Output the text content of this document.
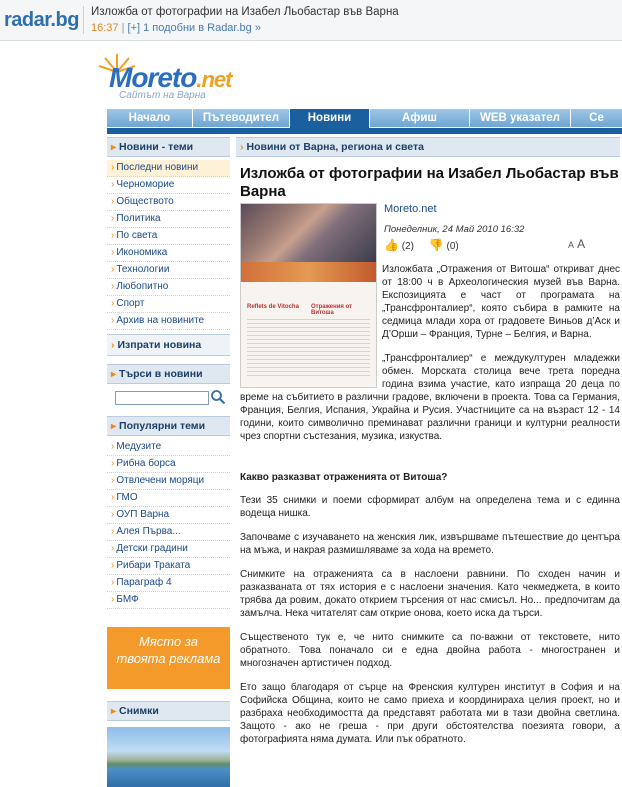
radar.bg Изложба от фотографии на Изабел Льобастар във Варна
16:37 | [+] 1 подобни в Radar.bg »
Moreto.net
Сайтът на Варна
Начало	Пътеводител	Новини	Афиш	WEB указател	Се
▸ Новини - теми
› Последни новини
› Черноморие
› Обществото
› Политика
› По света
› Икономика
› Технологии
› Любопитно
› Спорт
› Архив на новините
› Изпрати новина
▸ Търси в новини
▸ Популярни теми
› Медузите
› Рибна борса
› Отвлечени моряци
› ГМО
› ОУП Варна
› Алея Първа...
› Детски градини
› Рибари Траката
› Параграф 4
› БМФ
Място за
твоята реклама
▸ Снимки
› Новини от Варна, региона и света
Изложба от фотографии на Изабел Льобастар във Варна
Reflets de Vitocha	Отражения от Витоша
Moreto.net
Понеделник, 24 Май 2010 16:32
👍 (2) 👎 (0)	A A

Изложбата „Отражения от Витоша“ откриват днес от 18:00 ч в Археологическия музей във Варна. Експозицията е част от програмата на „Трансфронталиер“, която събира в рамките на седмица млади хора от градовете Виньов д’Аск и Д’Орши – Франция, Турне – Белгия, и Варна.

„Трансфронталиер“ е междукултурен младежки обмен. Морската столица вече трета поредна година взима участие, като изпраща 20 деца по време на събитието в различни градове, включени в проекта. Това са Германия, Франция, Белгия, Испания, Украйна и Русия. Участниците са на възраст 12 - 14 години, които символично преминават различни граници и културни реалности чрез спортни състезания, музика, изкуства.

Какво разказват отраженията от Витоша?

Тези 35 снимки и поеми сформират албум на определена тема и с единна водеща нишка.

Започваме с изучаването на женския лик, извършваме пътешествие до центъра на мъжа, и накрая размишляваме за хода на времето.

Снимките на отраженията са в наслоени равнини. По сходен начин и разказваната от тях история е с наслоени значения. Като чекмеджета, в които трябва да ровим, докато открием търсения от нас смисъл. Но... предпочитам да замълча. Нека читателят сам открие онова, което иска да търси.

Същественото тук е, че нито снимките са по-важни от текстовете, нито обратното. Това поначало си е една двойна работа - многостранен и многозначен артистичен подход.

Ето защо благодаря от сърце на Френския културен институт в София и на Софийска Община, които не само приеха и координираха целия проект, но и разбраха необходимостта да представят работата ми в тази двойна светлина. Защото - ако не греша - при други обстоятелства поезията говори, а фотографията няма думата. Или пък обратното.
